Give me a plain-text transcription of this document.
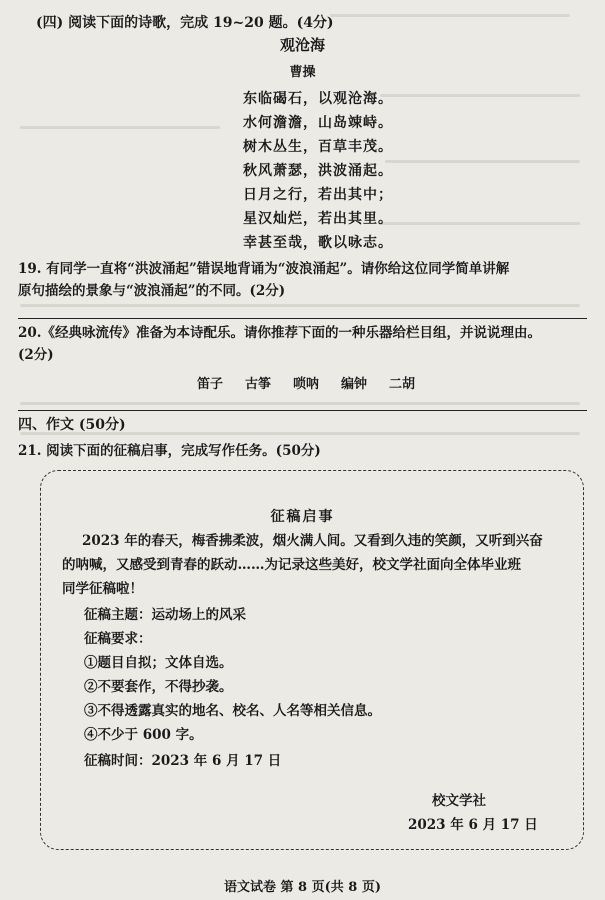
(四) 阅读下面的诗歌，完成 19~20 题。(4分)
观沧海
曹操
东临碣石，以观沧海。
水何澹澹，山岛竦峙。
树木丛生，百草丰茂。
秋风萧瑟，洪波涌起。
日月之行，若出其中；
星汉灿烂，若出其里。
幸甚至哉，歌以咏志。
19. 有同学一直将“洪波涌起”错误地背诵为“波浪涌起”。请你给这位同学简单讲解
原句描绘的景象与“波浪涌起”的不同。(2分)
20.《经典咏流传》准备为本诗配乐。请你推荐下面的一种乐器给栏目组，并说说理由。
(2分)
笛子 古筝 唢呐 编钟 二胡
四、作文 (50分)
21. 阅读下面的征稿启事，完成写作任务。(50分)
征稿启事
2023 年的春天，梅香拂柔波，烟火满人间。又看到久违的笑颜，又听到兴奋
的呐喊，又感受到青春的跃动……为记录这些美好，校文学社面向全体毕业班
同学征稿啦！
征稿主题：运动场上的风采
征稿要求：
①题目自拟；文体自选。
②不要套作，不得抄袭。
③不得透露真实的地名、校名、人名等相关信息。
④不少于 600 字。
征稿时间：2023 年 6 月 17 日
校文学社
2023 年 6 月 17 日
语文试卷 第 8 页(共 8 页)
